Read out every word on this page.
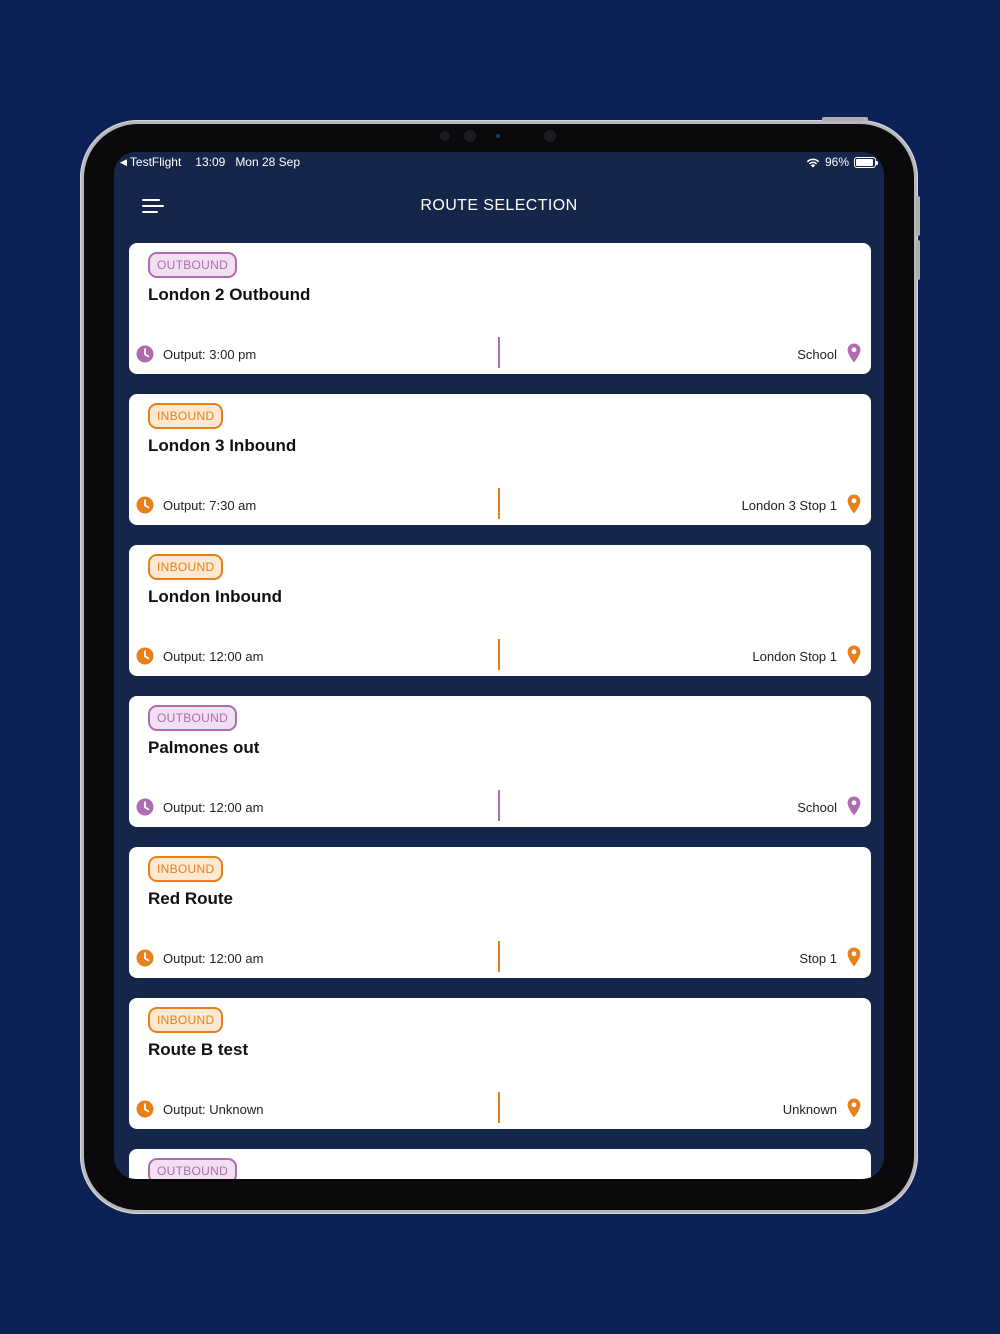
◀ TestFlight 13:09 Mon 28 Sep	96%
ROUTE SELECTION
OUTBOUND
London 2 Outbound
Output: 3:00 pm	School
INBOUND
London 3 Inbound
Output: 7:30 am	London 3 Stop 1
INBOUND
London Inbound
Output: 12:00 am	London Stop 1
OUTBOUND
Palmones out
Output: 12:00 am	School
INBOUND
Red Route
Output: 12:00 am	Stop 1
INBOUND
Route B test
Output: Unknown	Unknown
OUTBOUND
